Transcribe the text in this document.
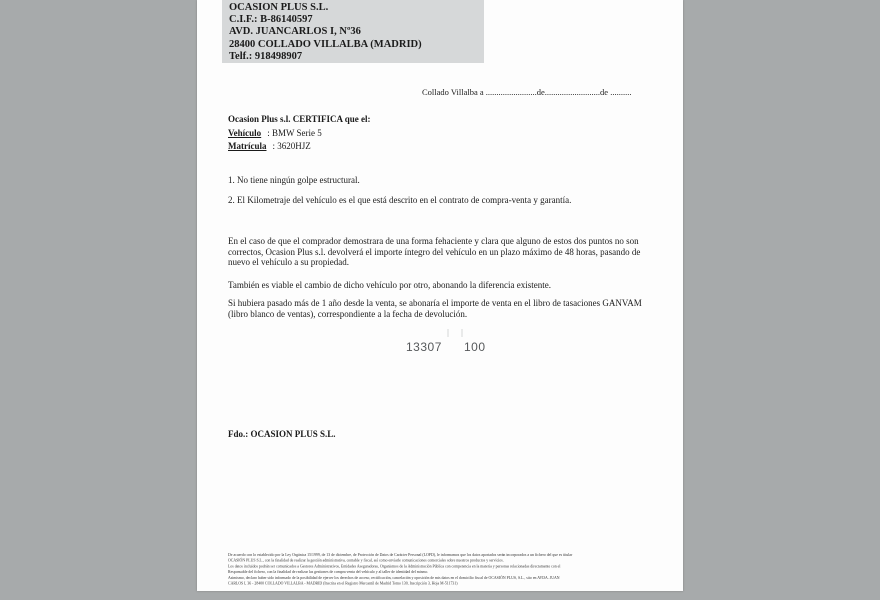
OCASION PLUS S.L.
C.I.F.: B-86140597
AVD. JUANCARLOS I, Nº36
28400 COLLADO VILLALBA (MADRID)
Telf.: 918498907
Collado Villalba a ........................de..........................de ..........
Ocasion Plus s.l. CERTIFICA que el:
Vehículo : BMW Serie 5
Matrícula : 3620HJZ
1. No tiene ningún golpe estructural.
2. El Kilometraje del vehículo es el que está descrito en el contrato de compra-venta y garantía.
En el caso de que el comprador demostrara de una forma fehaciente y clara que alguno de estos dos puntos no son correctos, Ocasion Plus s.l. devolverá el importe íntegro del vehículo en un plazo máximo de 48 horas, pasando de nuevo el vehículo a su propiedad.
También es viable el cambio de dicho vehículo por otro, abonando la diferencia existente.
Si hubiera pasado más de 1 año desde la venta, se abonaría el importe de venta en el libro de tasaciones GANVAM (libro blanco de ventas), correspondiente a la fecha de devolución.
Fdo.: OCASION PLUS S.L.
De acuerdo con lo establecido por la Ley Orgánica 15/1999, de 13 de diciembre, de Protección de Datos de Carácter Personal (LOPD), le informamos que los datos aportados serán incorporados a un fichero del que es titular
OCASIÓN PLUS S.L., con la finalidad de realizar la gestión administrativa, contable y fiscal, así como enviarle comunicaciones comerciales sobre nuestros productos y servicios.
Los datos incluidos podrán ser comunicados a Gestores Administrativos, Entidades Aseguradoras, Organismos de la Administración Pública con competencia en la materia y personas relacionadas directamente con el
Responsable del fichero, con la finalidad de realizar las gestiones de compra venta del vehículo y al taller de identidad del mismo.
Asimismo, declaro haber sido informado de la posibilidad de ejercer los derechos de acceso, rectificación, cancelación y oposición de mis datos en el domicilio fiscal de OCASIÓN PLUS, S.L., sito en AVDA. JUAN
CARLOS I, 36 - 28400 COLLADO VILLALBA - MADRID (Inscrita en el Registro Mercantil de Madrid Tomo 130, Inscripción 3, Hoja M-511731)
13307 100
